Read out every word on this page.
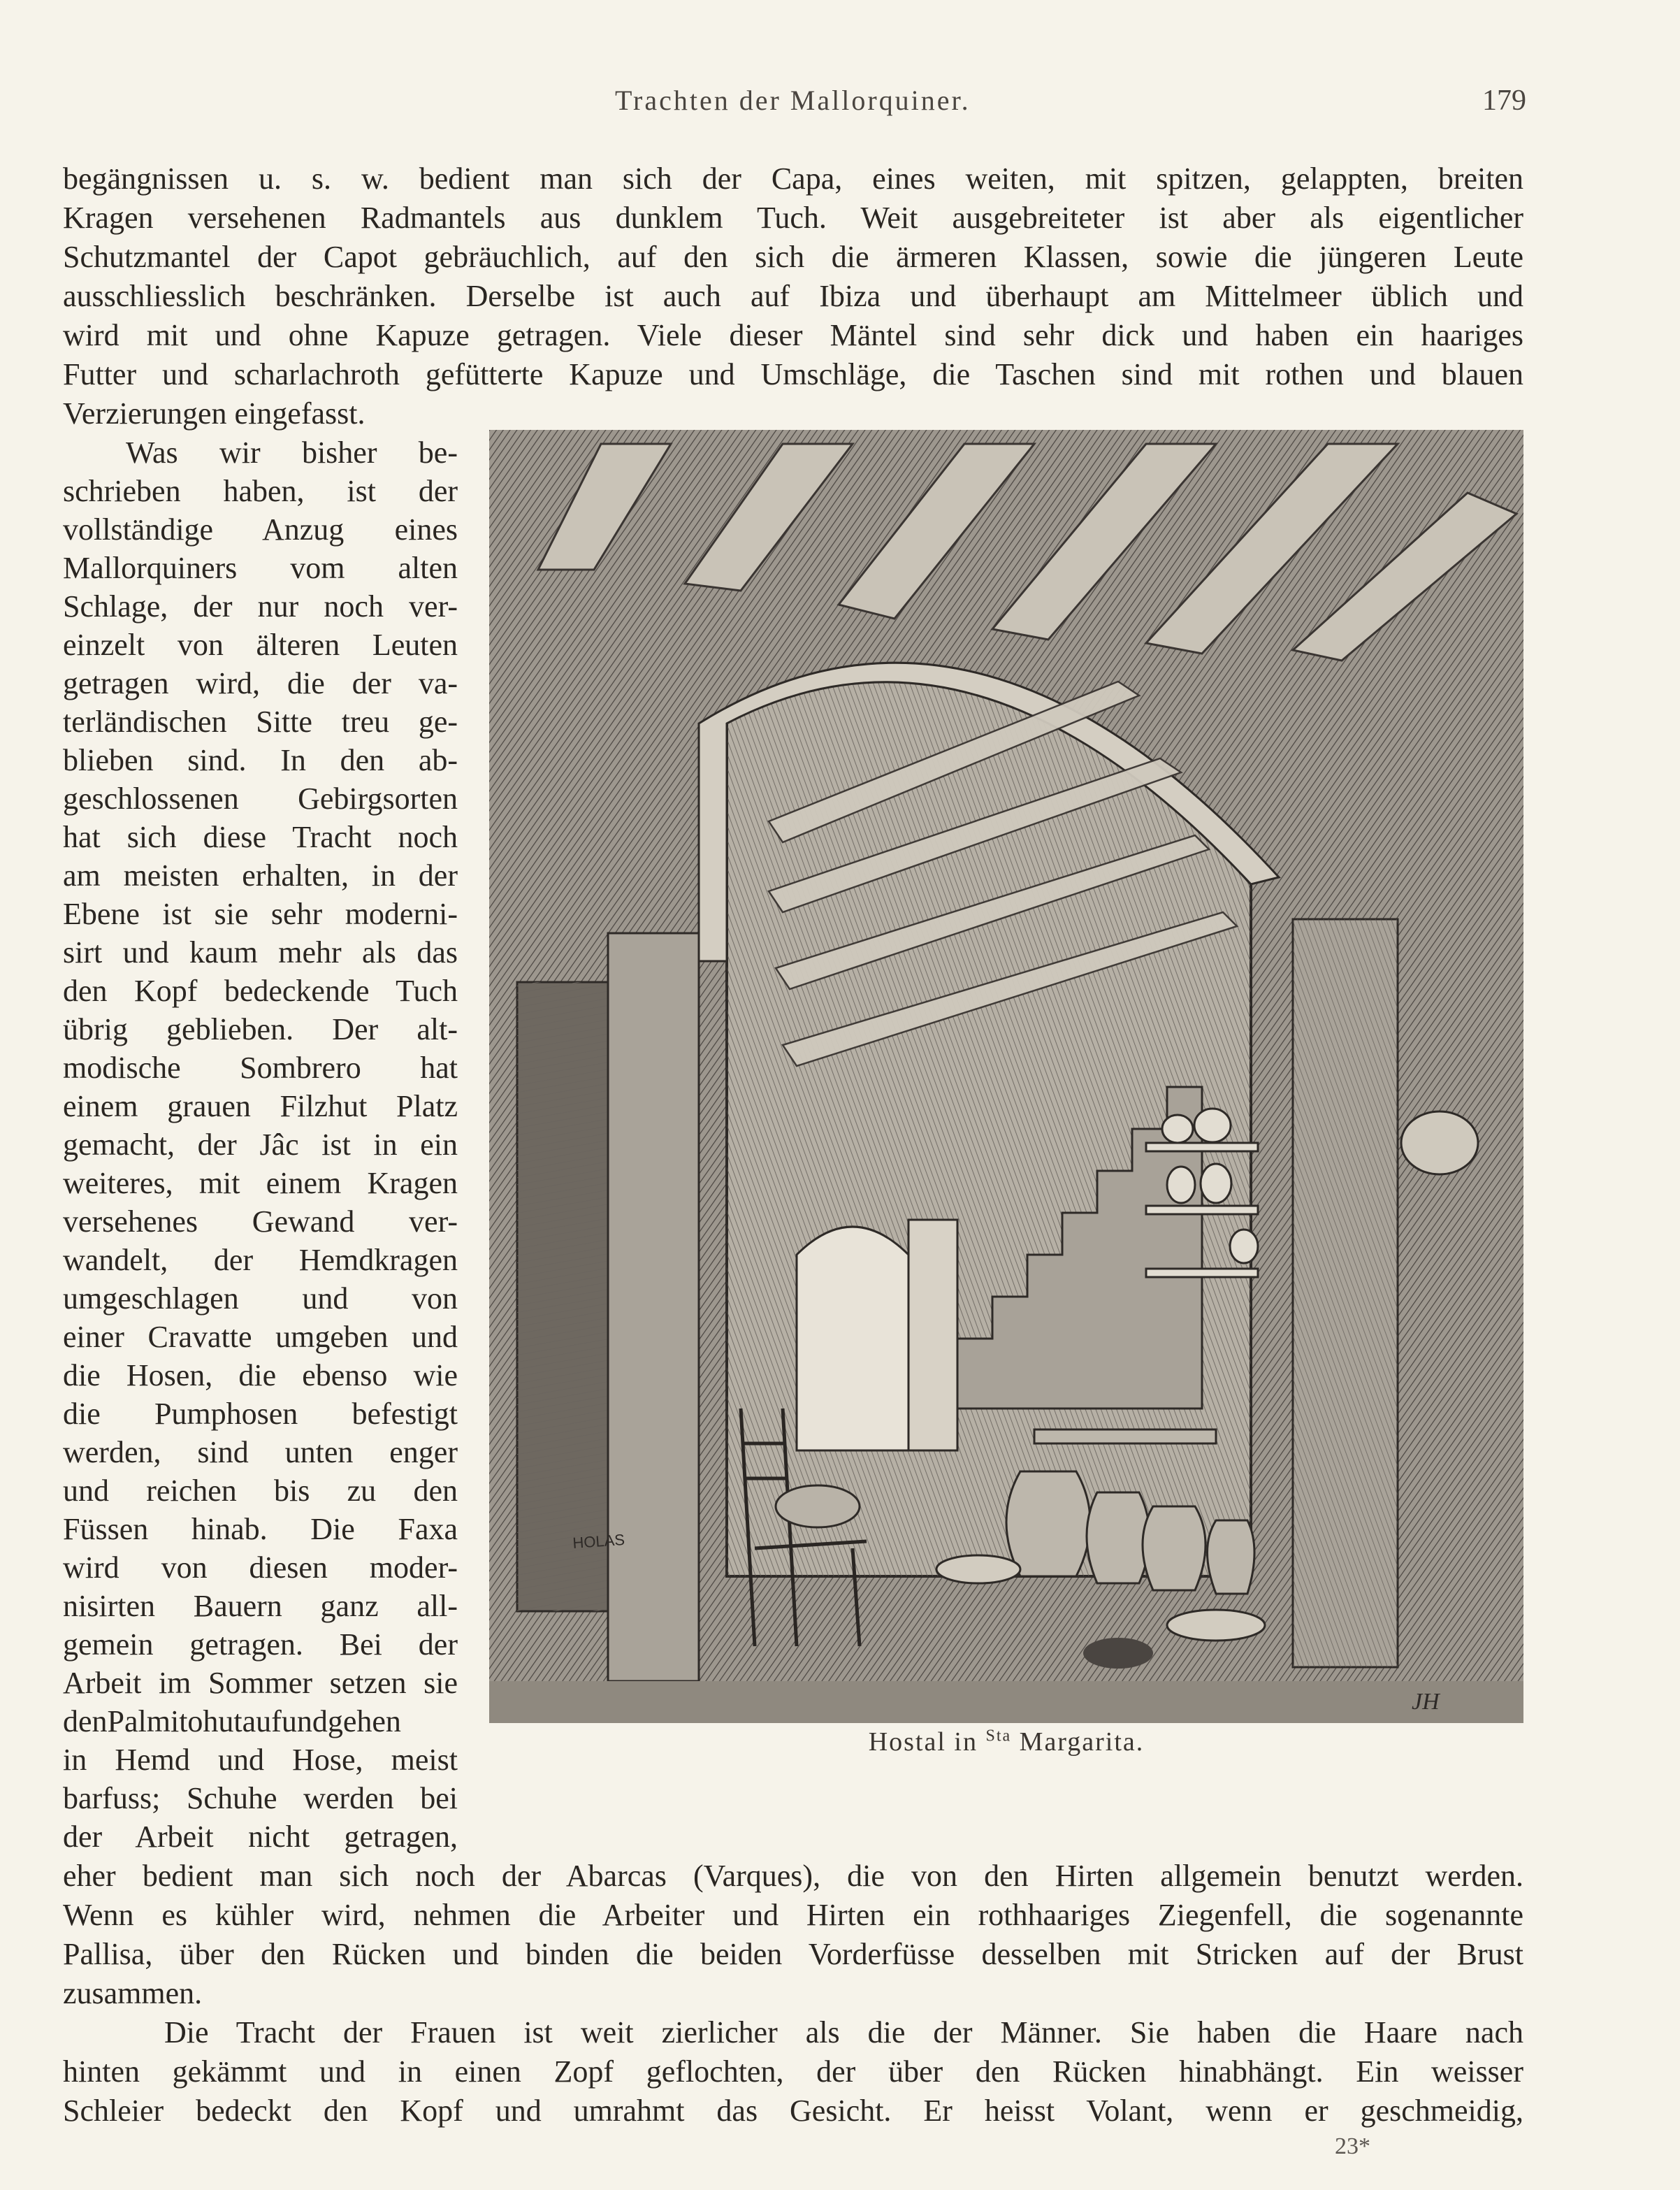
Trachten der Mallorquiner.	179
begängnissen u. s. w. bedient man sich der Capa, eines weiten, mit spitzen, gelappten, breiten
Kragen versehenen Radmantels aus dunklem Tuch. Weit ausgebreiteter ist aber als eigentlicher
Schutzmantel der Capot gebräuchlich, auf den sich die ärmeren Klassen, sowie die jüngeren Leute
ausschliesslich beschränken. Derselbe ist auch auf Ibiza und überhaupt am Mittelmeer üblich und
wird mit und ohne Kapuze getragen. Viele dieser Mäntel sind sehr dick und haben ein haariges
Futter und scharlachroth gefütterte Kapuze und Umschläge, die Taschen sind mit rothen und blauen
Verzierungen eingefasst.
Was wir bisher be-
schrieben haben, ist der
vollständige Anzug eines
Mallorquiners vom alten
Schlage, der nur noch ver-
einzelt von älteren Leuten
getragen wird, die der va-
terländischen Sitte treu ge-
blieben sind. In den ab-
geschlossenen Gebirgsorten
hat sich diese Tracht noch
am meisten erhalten, in der
Ebene ist sie sehr moderni-
sirt und kaum mehr als das
den Kopf bedeckende Tuch
übrig geblieben. Der alt-
modische Sombrero hat
einem grauen Filzhut Platz
gemacht, der Jâc ist in ein
weiteres, mit einem Kragen
versehenes Gewand ver-
wandelt, der Hemdkragen
umgeschlagen und von
einer Cravatte umgeben und
die Hosen, die ebenso wie
die Pumphosen befestigt
werden, sind unten enger
und reichen bis zu den
Füssen hinab. Die Faxa
wird von diesen moder-
nisirten Bauern ganz all-
gemein getragen. Bei der
Arbeit im Sommer setzen sie
denPalmitohutaufundgehen
in Hemd und Hose, meist
barfuss; Schuhe werden bei
der Arbeit nicht getragen,
HOLAS
JH
Hostal in $^{Sta}$ Margarita.
eher bedient man sich noch der Abarcas (Varques), die von den Hirten allgemein benutzt werden.
Wenn es kühler wird, nehmen die Arbeiter und Hirten ein rothhaariges Ziegenfell, die sogenannte
Pallisa, über den Rücken und binden die beiden Vorderfüsse desselben mit Stricken auf der Brust
zusammen.
Die Tracht der Frauen ist weit zierlicher als die der Männer. Sie haben die Haare nach
hinten gekämmt und in einen Zopf geflochten, der über den Rücken hinabhängt. Ein weisser
Schleier bedeckt den Kopf und umrahmt das Gesicht. Er heisst Volant, wenn er geschmeidig,
23*
